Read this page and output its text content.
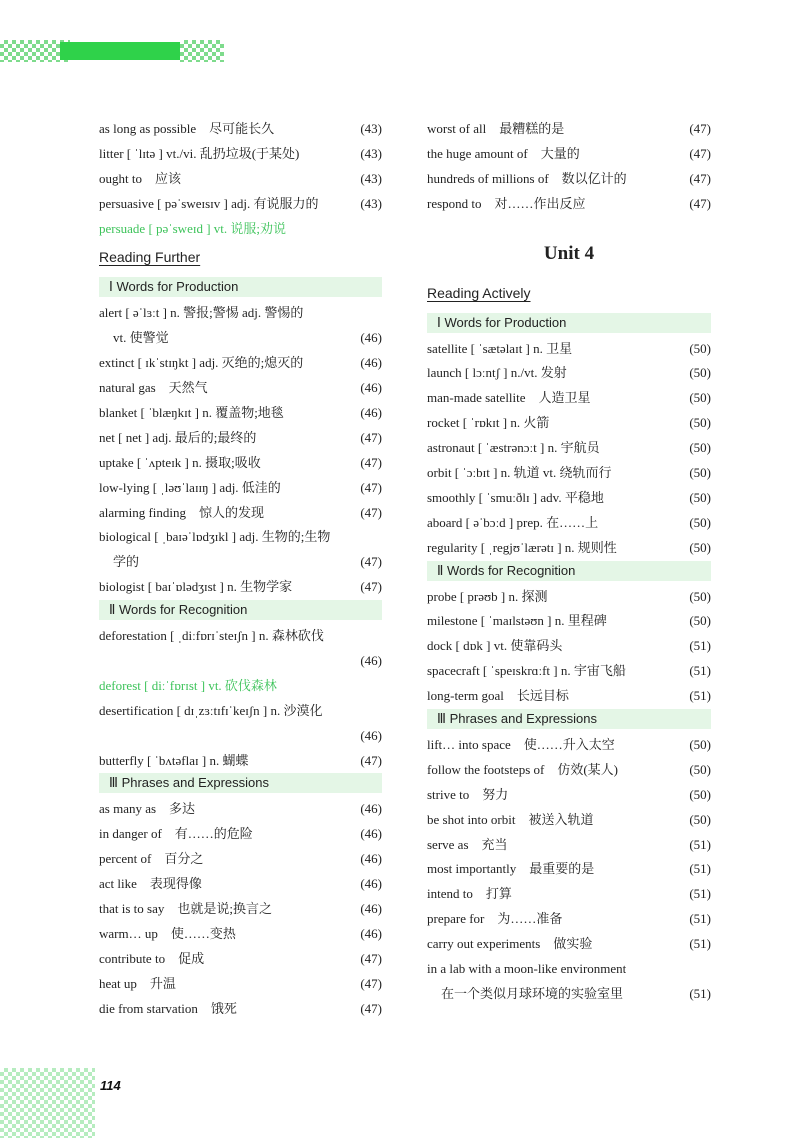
as long as possible　尽可能长久	(43)
litter [ ˈlɪtə ] vt./vi. 乱扔垃圾(于某处)	(43)
ought to　应该	(43)
persuasive [ pəˈsweɪsɪv ] adj. 有说服力的	(43)
persuade [ pəˈsweɪd ] vt. 说服;劝说
Reading Further
Ⅰ Words for Production
alert [ əˈlɜːt ] n. 警报;警惕 adj. 警惕的
vt. 使警觉	(46)
extinct [ ɪkˈstɪŋkt ] adj. 灭绝的;熄灭的	(46)
natural gas　天然气	(46)
blanket [ ˈblæŋkɪt ] n. 覆盖物;地毯	(46)
net [ net ] adj. 最后的;最终的	(47)
uptake [ ˈʌpteɪk ] n. 摄取;吸收	(47)
low-lying [ ˌləʊˈlaɪɪŋ ] adj. 低洼的	(47)
alarming finding　惊人的发现	(47)
biological [ ˌbaɪəˈlɒdʒɪkl ] adj. 生物的;生物
学的	(47)
biologist [ baɪˈɒlədʒɪst ] n. 生物学家	(47)
Ⅱ Words for Recognition
deforestation [ ˌdiːfɒrɪˈsteɪʃn ] n. 森林砍伐
(46)
deforest [ diːˈfɒrɪst ] vt. 砍伐森林
desertification [ dɪˌzɜːtɪfɪˈkeɪʃn ] n. 沙漠化
(46)
butterfly [ ˈbʌtəflaɪ ] n. 蝴蝶	(47)
Ⅲ Phrases and Expressions
as many as　多达	(46)
in danger of　有……的危险	(46)
percent of　百分之	(46)
act like　表现得像	(46)
that is to say　也就是说;换言之	(46)
warm… up　使……变热	(46)
contribute to　促成	(47)
heat up　升温	(47)
die from starvation　饿死	(47)
worst of all　最糟糕的是	(47)
the huge amount of　大量的	(47)
hundreds of millions of　数以亿计的	(47)
respond to　对……作出反应	(47)
Unit 4
Reading Actively
Ⅰ Words for Production
satellite [ ˈsætəlaɪt ] n. 卫星	(50)
launch [ lɔːntʃ ] n./vt. 发射	(50)
man-made satellite　人造卫星	(50)
rocket [ ˈrɒkɪt ] n. 火箭	(50)
astronaut [ ˈæstrənɔːt ] n. 宇航员	(50)
orbit [ ˈɔːbɪt ] n. 轨道 vt. 绕轨而行	(50)
smoothly [ ˈsmuːðlɪ ] adv. 平稳地	(50)
aboard [ əˈbɔːd ] prep. 在……上	(50)
regularity [ ˌregjʊˈlærətɪ ] n. 规则性	(50)
Ⅱ Words for Recognition
probe [ prəʊb ] n. 探测	(50)
milestone [ ˈmaɪlstəʊn ] n. 里程碑	(50)
dock [ dɒk ] vt. 使靠码头	(51)
spacecraft [ ˈspeɪskrɑːft ] n. 宇宙飞船	(51)
long-term goal　长远目标	(51)
Ⅲ Phrases and Expressions
lift… into space　使……升入太空	(50)
follow the footsteps of　仿效(某人)	(50)
strive to　努力	(50)
be shot into orbit　被送入轨道	(50)
serve as　充当	(51)
most importantly　最重要的是	(51)
intend to　打算	(51)
prepare for　为……准备	(51)
carry out experiments　做实验	(51)
in a lab with a moon-like environment
在一个类似月球环境的实验室里	(51)
114
